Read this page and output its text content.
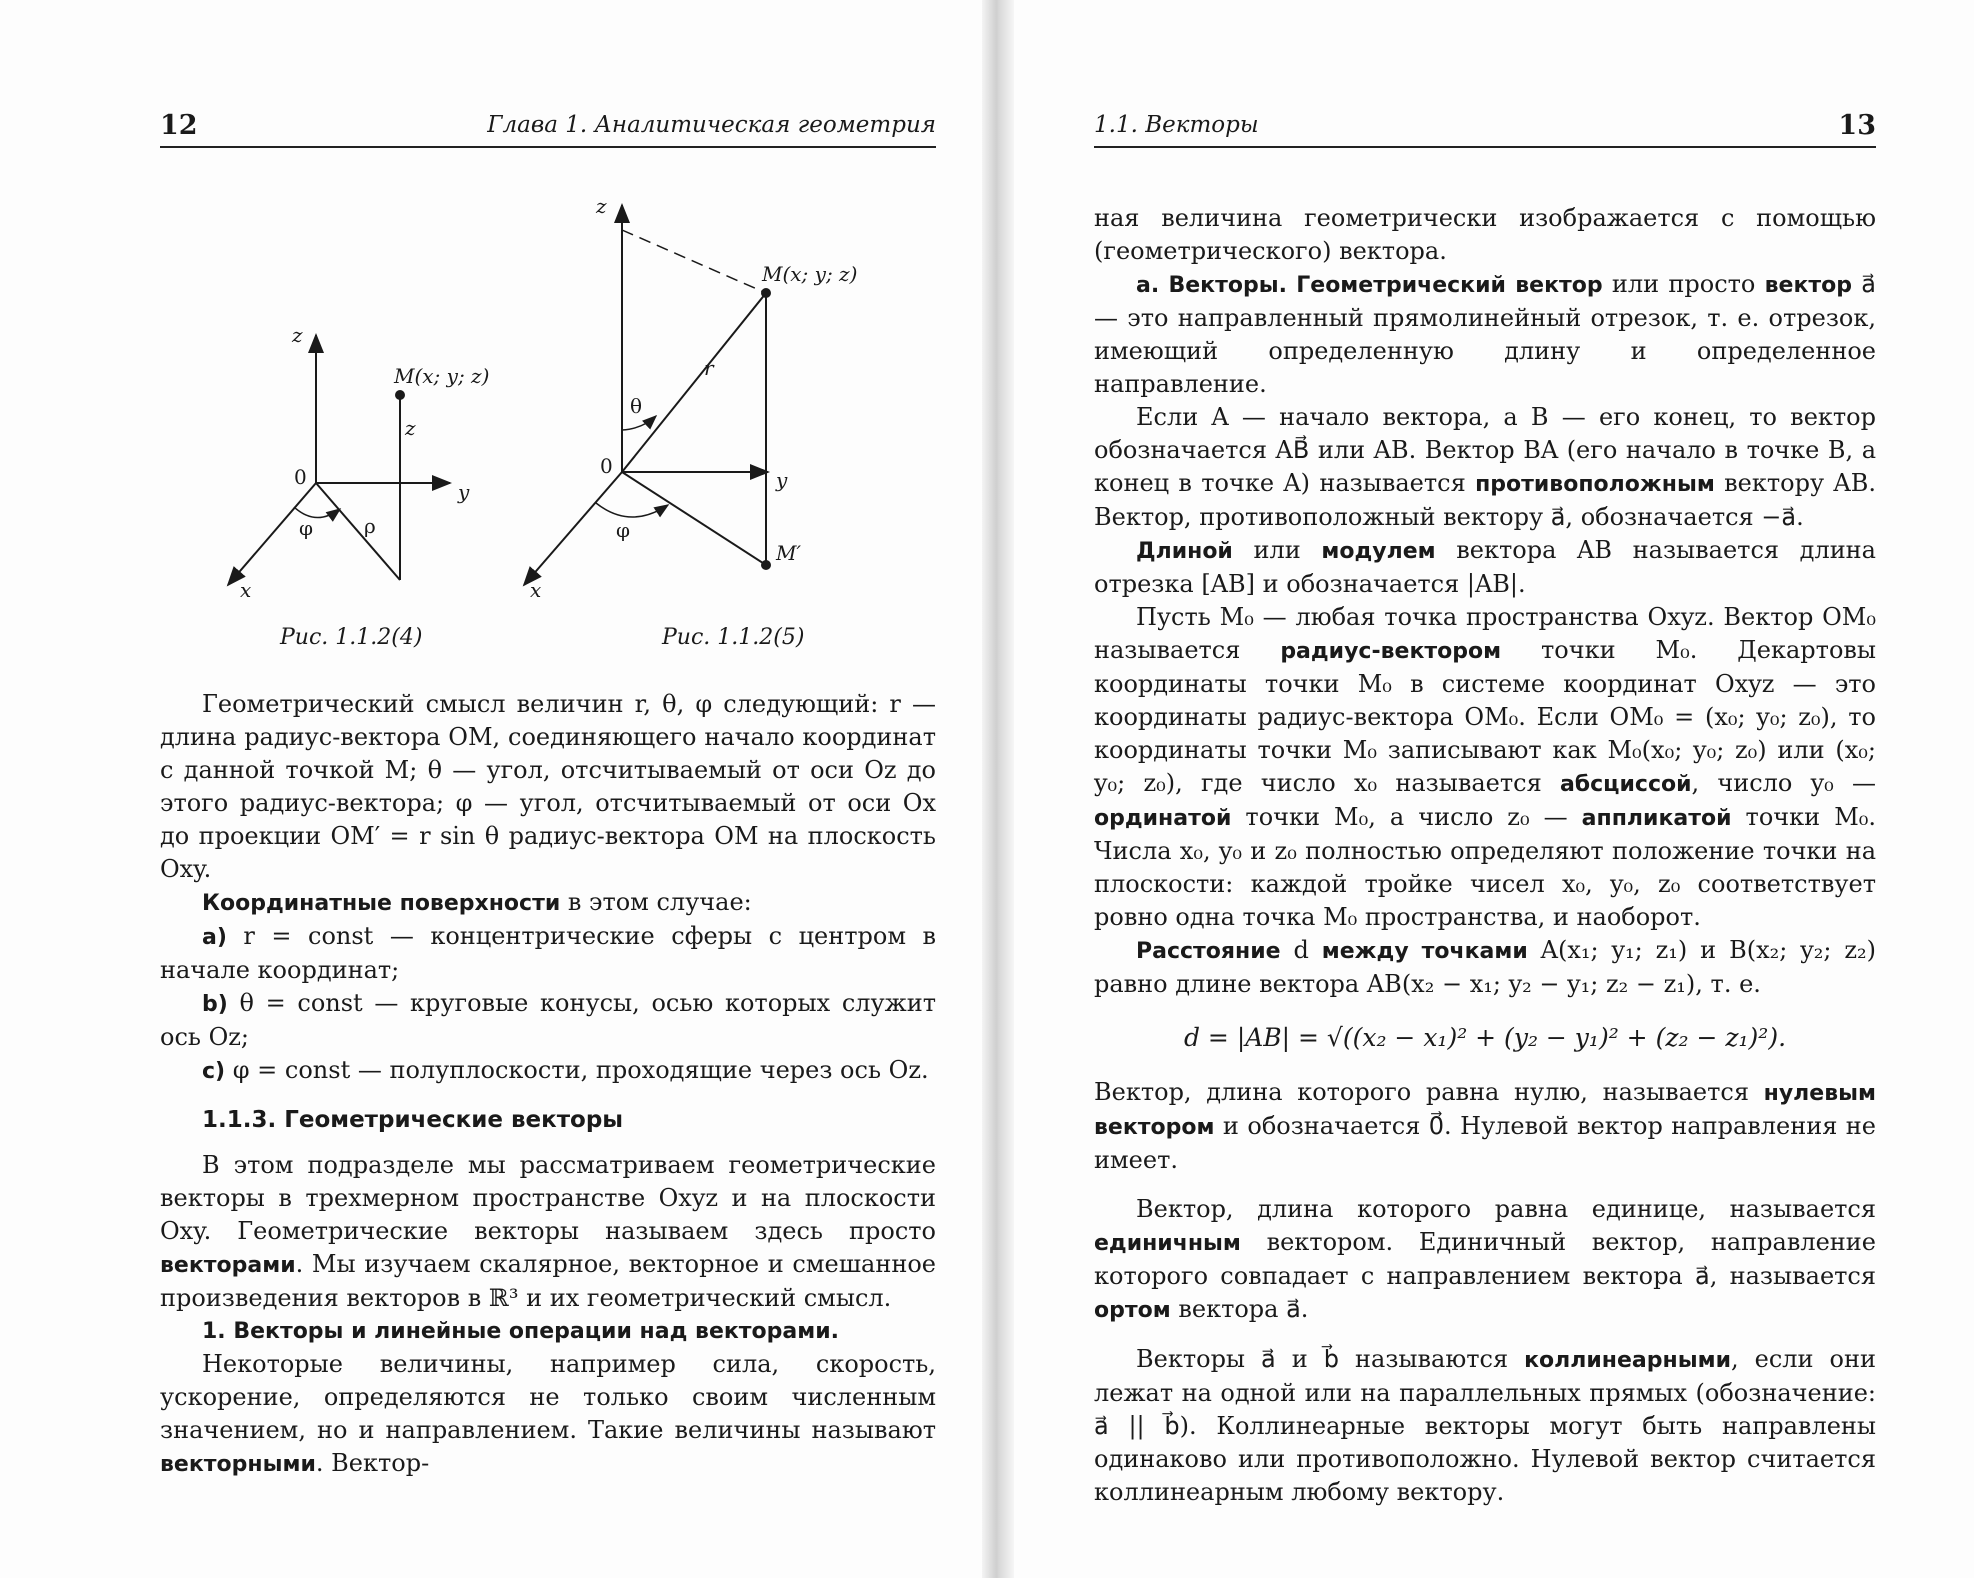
12	Глава 1. Аналитическая геометрия
z
y
x
0
M(x; y; z)
z
φ	ρ
z
y
x
0
M(x; y; z)
r
θ
φ
M′
Рис. 1.1.2(4)	Рис. 1.1.2(5)

Геометрический смысл величин r, θ, φ следующий: r — длина радиус-вектора OM, соединяющего начало координат с данной точкой M; θ — угол, отсчитываемый от оси Oz до этого радиус-вектора; φ — угол, отсчитываемый от оси Ox до проекции OM′ = r sin θ радиус-вектора OM на плоскость Oxy.

Координатные поверхности в этом случае:

а) r = const — концентрические сферы с центром в начале координат;

b) θ = const — круговые конусы, осью которых служит ось Oz;

c) φ = const — полуплоскости, проходящие через ось Oz.

1.1.3. Геометрические векторы

В этом подразделе мы рассматриваем геометрические векторы в трехмерном пространстве Oxyz и на плоскости Oxy. Геометрические векторы называем здесь просто векторами. Мы изучаем скалярное, векторное и смешанное произведения векторов в ℝ³ и их геометрический смысл.

1. Векторы и линейные операции над векторами.

Некоторые величины, например сила, скорость, ускорение, определяются не только своим численным значением, но и направлением. Такие величины называют векторными. Вектор-

1.1. Векторы	13

ная величина геометрически изображается с помощью (геометрического) вектора.

а. Векторы. Геометрический вектор или просто вектор a⃗ — это направленный прямолинейный отрезок, т. е. отрезок, имеющий определенную длину и определенное направление.

Если A — начало вектора, а B — его конец, то вектор обозначается AB⃗ или AB. Вектор BA (его начало в точке B, а конец в точке A) называется противоположным вектору AB. Вектор, противоположный вектору a⃗, обозначается −a⃗.

Длиной или модулем вектора AB называется длина отрезка [AB] и обозначается |AB|.

Пусть M₀ — любая точка пространства Oxyz. Вектор OM₀ называется радиус-вектором точки M₀. Декартовы координаты точки M₀ в системе координат Oxyz — это координаты радиус-вектора OM₀. Если OM₀ = (x₀; y₀; z₀), то координаты точки M₀ записывают как M₀(x₀; y₀; z₀) или (x₀; y₀; z₀), где число x₀ называется абсциссой, число y₀ — ординатой точки M₀, а число z₀ — аппликатой точки M₀. Числа x₀, y₀ и z₀ полностью определяют положение точки на плоскости: каждой тройке чисел x₀, y₀, z₀ соответствует ровно одна точка M₀ пространства, и наоборот.

Расстояние d между точками A(x₁; y₁; z₁) и B(x₂; y₂; z₂) равно длине вектора AB(x₂ − x₁; y₂ − y₁; z₂ − z₁), т. е.

d = |AB| = √((x₂ − x₁)² + (y₂ − y₁)² + (z₂ − z₁)²).

Вектор, длина которого равна нулю, называется нулевым вектором и обозначается 0⃗. Нулевой вектор направления не имеет.

Вектор, длина которого равна единице, называется единичным вектором. Единичный вектор, направление которого совпадает с направлением вектора a⃗, называется ортом вектора a⃗.

Векторы a⃗ и b⃗ называются коллинеарными, если они лежат на одной или на параллельных прямых (обозначение: a⃗ || b⃗). Коллинеарные векторы могут быть направлены одинаково или противоположно. Нулевой вектор считается коллинеарным любому вектору.
